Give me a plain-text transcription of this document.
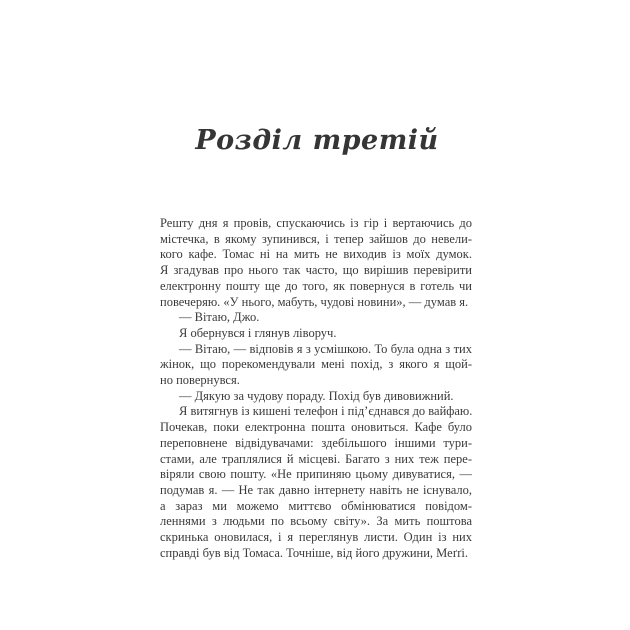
Розділ третій
Решту дня я провів, спускаючись із гір і вертаючись до
містечка, в якому зупинився, і тепер зайшов до невели-
кого кафе. Томас ні на мить не виходив із моїх думок.
Я згадував про нього так часто, що вирішив перевірити
електронну пошту ще до того, як повернуся в готель чи
повечеряю. «У нього, мабуть, чудові новини», — думав я.
— Вітаю, Джо.
Я обернувся і глянув ліворуч.
— Вітаю, — відповів я з усмішкою. То була одна з тих
жінок, що порекомендували мені похід, з якого я щой-
но повернувся.
— Дякую за чудову пораду. Похід був дивовижний.
Я витягнув із кишені телефон і під’єднався до вайфаю.
Почекав, поки електронна пошта оновиться. Кафе було
переповнене відвідувачами: здебільшого іншими тури-
стами, але траплялися й місцеві. Багато з них теж пере-
віряли свою пошту. «Не припиняю цьому дивуватися, —
подумав я. — Не так давно інтернету навіть не існувало,
а зараз ми можемо миттєво обмінюватися повідом-
леннями з людьми по всьому світу». За мить поштова
скринька оновилася, і я переглянув листи. Один із них
справді був від Томаса. Точніше, від його дружини, Меґґі.
